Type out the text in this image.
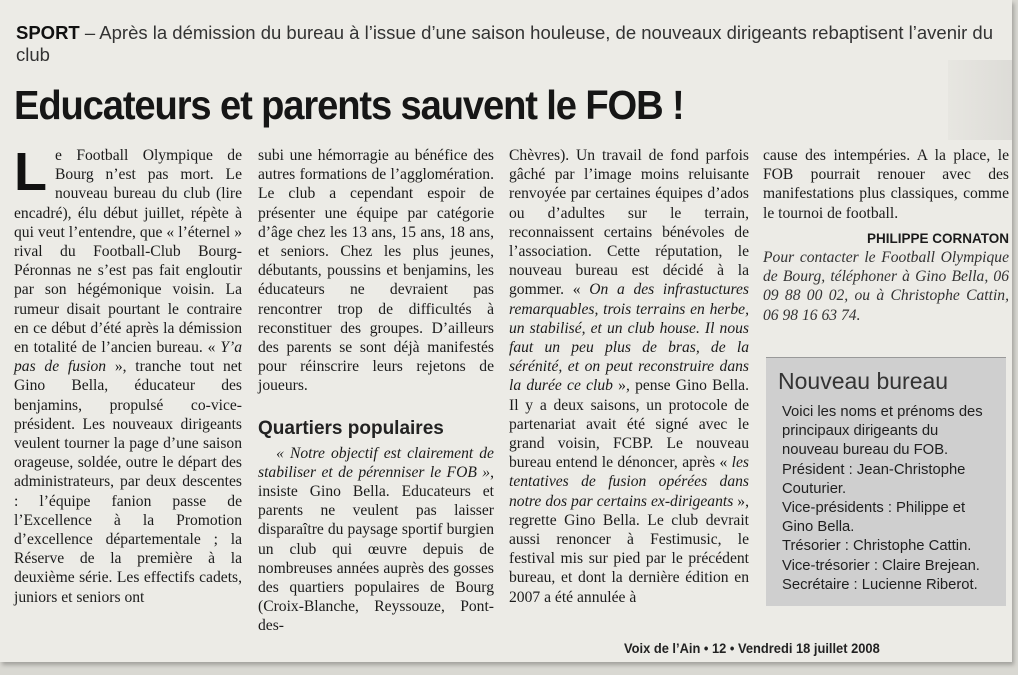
SPORT – Après la démission du bureau à l’issue d’une saison houleuse, de nouveaux dirigeants rebaptisent l’avenir du club
Educateurs et parents sauvent le FOB !

Le Football Olympique de Bourg n’est pas mort. Le nouveau bureau du club (lire encadré), élu début juillet, répète à qui veut l’entendre, que « l’éternel » rival du Football-Club Bourg-Péronnas ne s’est pas fait engloutir par son hégémonique voisin. La rumeur disait pourtant le contraire en ce début d’été après la démission en totalité de l’ancien bureau. « Y’a pas de fusion », tranche tout net Gino Bella, éducateur des benjamins, propulsé co-vice-président. Les nouveaux dirigeants veulent tourner la page d’une saison orageuse, soldée, outre le départ des administrateurs, par deux descentes : l’équipe fanion passe de l’Excellence à la Promotion d’excellence départementale ; la Réserve de la première à la deuxième série. Les effectifs cadets, juniors et seniors ont

subi une hémorragie au bénéfice des autres formations de l’agglomération. Le club a cependant espoir de présenter une équipe par catégorie d’âge chez les 13 ans, 15 ans, 18 ans, et seniors. Chez les plus jeunes, débutants, poussins et benjamins, les éducateurs ne devraient pas rencontrer trop de difficultés à reconstituer des groupes. D’ailleurs des parents se sont déjà manifestés pour réinscrire leurs rejetons de joueurs.

Quartiers populaires

« Notre objectif est clairement de stabiliser et de pérenniser le FOB », insiste Gino Bella. Educateurs et parents ne veulent pas laisser disparaître du paysage sportif burgien un club qui œuvre depuis de nombreuses années auprès des gosses des quartiers populaires de Bourg (Croix-Blanche, Reyssouze, Pont-des-

Chèvres). Un travail de fond parfois gâché par l’image moins reluisante renvoyée par certaines équipes d’ados ou d’adultes sur le terrain, reconnaissent certains bénévoles de l’association. Cette réputation, le nouveau bureau est décidé à la gommer. « On a des infrastuctures remarquables, trois terrains en herbe, un stabilisé, et un club house. Il nous faut un peu plus de bras, de la sérénité, et on peut reconstruire dans la durée ce club », pense Gino Bella. Il y a deux saisons, un protocole de partenariat avait été signé avec le grand voisin, FCBP. Le nouveau bureau entend le dénoncer, après « les tentatives de fusion opérées dans notre dos par certains ex-dirigeants », regrette Gino Bella. Le club devrait aussi renoncer à Festimusic, le festival mis sur pied par le précédent bureau, et dont la dernière édition en 2007 a été annulée à

cause des intempéries. A la place, le FOB pourrait renouer avec des manifestations plus classiques, comme le tournoi de football.

PHILIPPE CORNATON

Pour contacter le Football Olympique de Bourg, téléphoner à Gino Bella, 06 09 88 00 02, ou à Christophe Cattin, 06 98 16 63 74.

Nouveau bureau
Voici les noms et prénoms des principaux dirigeants du nouveau bureau du FOB.
Président : Jean-Christophe Couturier.
Vice-présidents : Philippe et Gino Bella.
Trésorier : Christophe Cattin.
Vice-trésorier : Claire Brejean.
Secrétaire : Lucienne Riberot.
Voix de l’Ain • 12 • Vendredi 18 juillet 2008
